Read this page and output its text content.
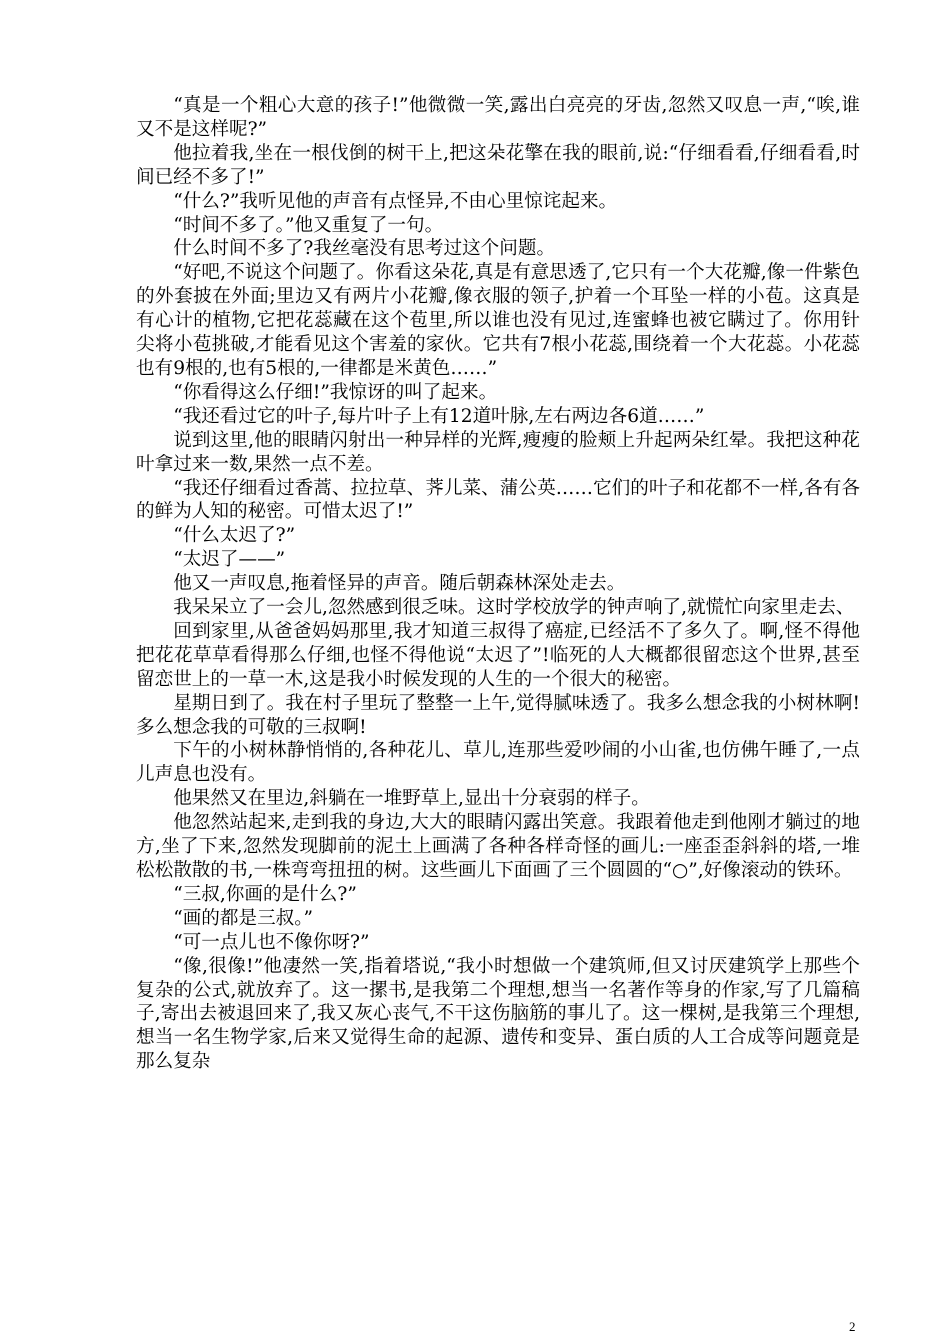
“真是一个粗心大意的孩子!”他微微一笑,露出白亮亮的牙齿,忽然又叹息一声,“唉,谁又不是这样呢?”

他拉着我,坐在一根伐倒的树干上,把这朵花擎在我的眼前,说:“仔细看看,仔细看看,时间已经不多了!”

“什么?”我听见他的声音有点怪异,不由心里惊诧起来。

“时间不多了。”他又重复了一句。

什么时间不多了?我丝毫没有思考过这个问题。

“好吧,不说这个问题了。你看这朵花,真是有意思透了,它只有一个大花瓣,像一件紫色的外套披在外面;里边又有两片小花瓣,像衣服的领子,护着一个耳坠一样的小苞。这真是有心计的植物,它把花蕊藏在这个苞里,所以谁也没有见过,连蜜蜂也被它瞒过了。你用针尖将小苞挑破,才能看见这个害羞的家伙。它共有7根小花蕊,围绕着一个大花蕊。小花蕊也有9根的,也有5根的,一律都是米黄色……”

“你看得这么仔细!”我惊讶的叫了起来。

“我还看过它的叶子,每片叶子上有12道叶脉,左右两边各6道……”

说到这里,他的眼睛闪射出一种异样的光辉,瘦瘦的脸颊上升起两朵红晕。我把这种花叶拿过来一数,果然一点不差。

“我还仔细看过香蒿、拉拉草、荠儿菜、蒲公英……它们的叶子和花都不一样,各有各的鲜为人知的秘密。可惜太迟了!”

“什么太迟了?”

“太迟了——”

他又一声叹息,拖着怪异的声音。随后朝森林深处走去。

我呆呆立了一会儿,忽然感到很乏味。这时学校放学的钟声响了,就慌忙向家里走去、

回到家里,从爸爸妈妈那里,我才知道三叔得了癌症,已经活不了多久了。啊,怪不得他把花花草草看得那么仔细,也怪不得他说“太迟了”!临死的人大概都很留恋这个世界,甚至留恋世上的一草一木,这是我小时候发现的人生的一个很大的秘密。

星期日到了。我在村子里玩了整整一上午,觉得腻味透了。我多么想念我的小树林啊!多么想念我的可敬的三叔啊!

下午的小树林静悄悄的,各种花儿、草儿,连那些爱吵闹的小山雀,也仿佛午睡了,一点儿声息也没有。

他果然又在里边,斜躺在一堆野草上,显出十分衰弱的样子。

他忽然站起来,走到我的身边,大大的眼睛闪露出笑意。我跟着他走到他刚才躺过的地方,坐了下来,忽然发现脚前的泥土上画满了各种各样奇怪的画儿:一座歪歪斜斜的塔,一堆松松散散的书,一株弯弯扭扭的树。这些画儿下面画了三个圆圆的“○”,好像滚动的铁环。

“三叔,你画的是什么?”

“画的都是三叔。”

“可一点儿也不像你呀?”

“像,很像!”他凄然一笑,指着塔说,“我小时想做一个建筑师,但又讨厌建筑学上那些个复杂的公式,就放弃了。这一摞书,是我第二个理想,想当一名著作等身的作家,写了几篇稿子,寄出去被退回来了,我又灰心丧气,不干这伤脑筋的事儿了。这一棵树,是我第三个理想,想当一名生物学家,后来又觉得生命的起源、遗传和变异、蛋白质的人工合成等问题竟是那么复杂

2
